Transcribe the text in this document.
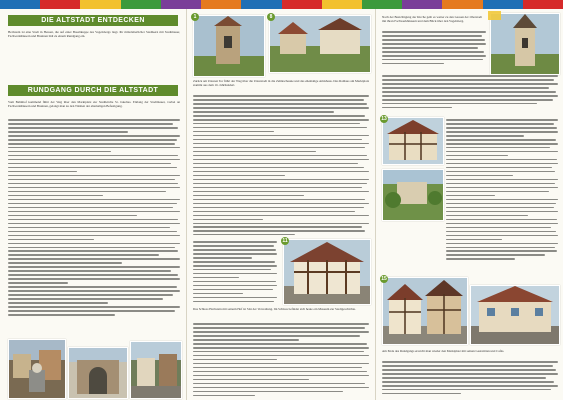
DIE ALTSTADT ENTDECKEN
Herbstein ist eine Stadt in Hessen, die auf einer Basaltkuppe des Vogelsbergs liegt. Ihr mittelalterlicher Stadtkern mit Stadtmauer, Fachwerkhäusern und Brunnen lädt zu einem Rundgang ein.
RUNDGANG DURCH DIE ALTSTADT
Vom Bahnhof kommend führt der Weg über den Marktplatz zur Stadtkirche St. Jakobus. Entlang der Stadtmauer, vorbei an Fachwerkhäusern und Brunnen, gelangt man zu den Türmen der ehemaligen Befestigung.
1	8
Zurück am Unteren Tor führt der Weg über die Unterstadt in die Zehntscheune und das ehemalige Amtshaus. Das Rathaus am Marktplatz stammt aus dem 16. Jahrhundert.
11
Das Schloss Herbstein mit seinem Hof ist Sitz der Verwaltung. Im Schloss befindet sich heute ein Museum zur Stadtgeschichte.
Nach der Besichtigung der Kirche geht es weiter zu den Gassen der Oberstadt mit ihren Fachwerkhäusern und dem Blick über den Vogelsberg.
13
15
Am Ende des Rundgangs erreicht man wieder den Marktplatz mit seinen Gaststätten und Cafés.
